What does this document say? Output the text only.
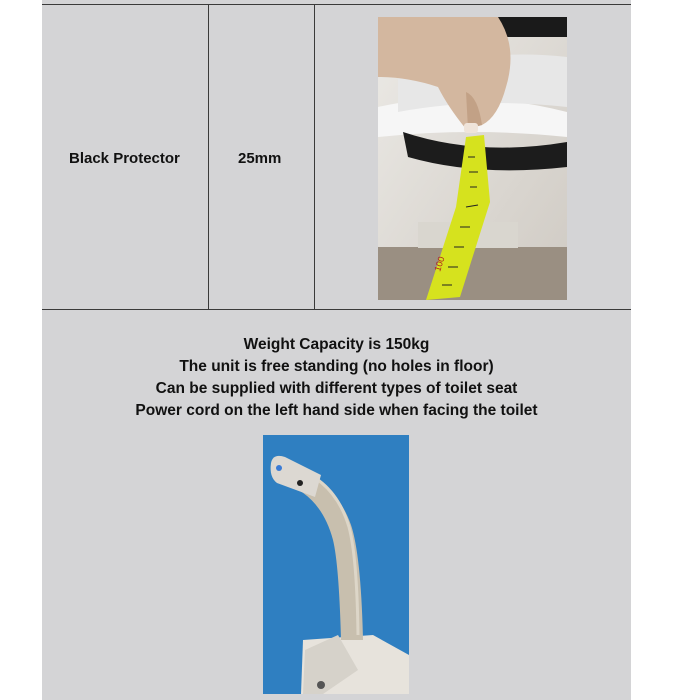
Black Protector	25mm
100
Weight Capacity is 150kg
The unit is free standing (no holes in floor)
Can be supplied with different types of toilet seat
Power cord on the left hand side when facing the toilet
